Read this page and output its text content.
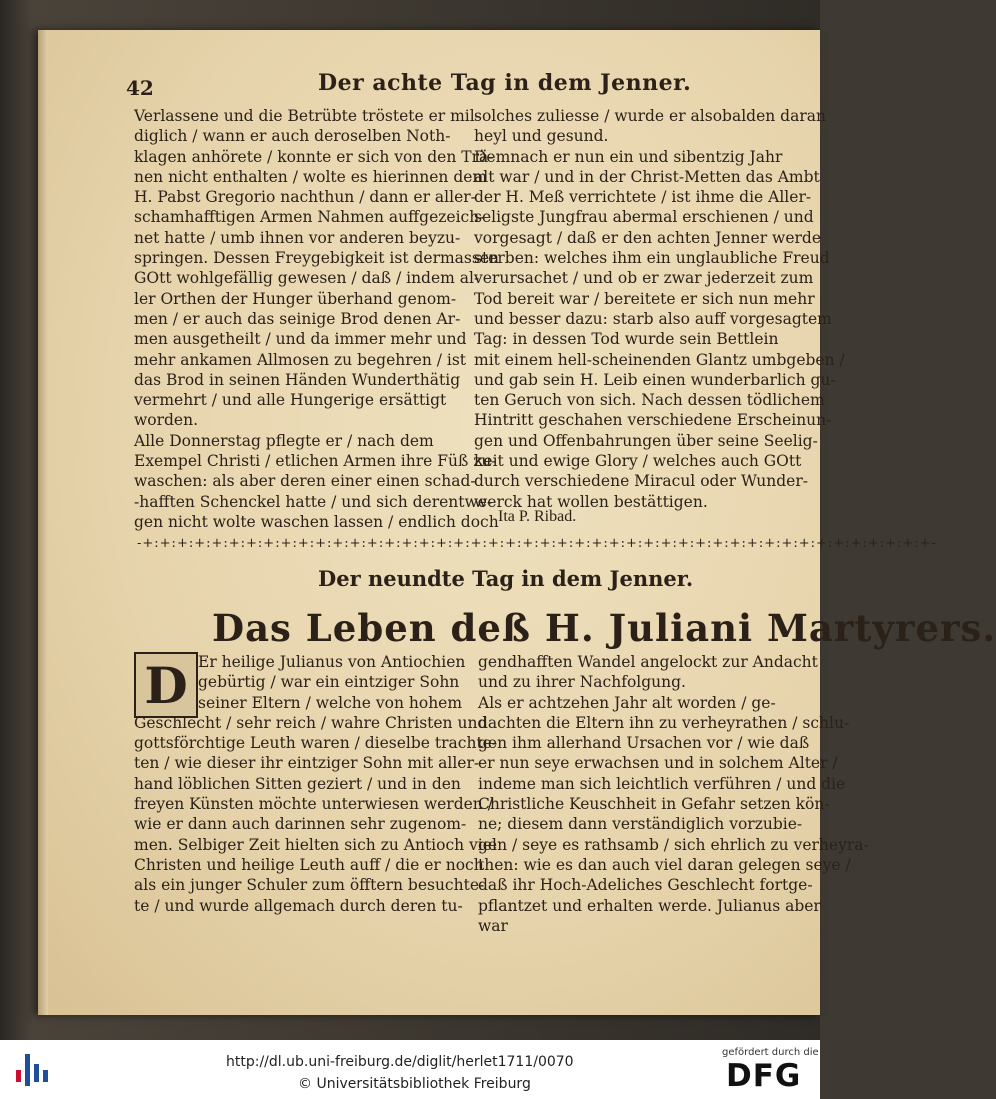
42	Der achte Tag in dem Jenner.

Verlassene und die Betrübte tröstete er mil-

diglich / wann er auch deroselben Noth-

klagen anhörete / konnte er sich von den Trä-

nen nicht enthalten / wolte es hierinnen dem

H. Pabst Gregorio nachthun / dann er aller-

schamhafftigen Armen Nahmen auffgezeich-

net hatte / umb ihnen vor anderen beyzu-

springen. Dessen Freygebigkeit ist dermassen

GOtt wohlgefällig gewesen / daß / indem al-

ler Orthen der Hunger überhand genom-

men / er auch das seinige Brod denen Ar-

men ausgetheilt / und da immer mehr und

mehr ankamen Allmosen zu begehren / ist

das Brod in seinen Händen Wunderthätig

vermehrt / und alle Hungerige ersättigt

worden.

Alle Donnerstag pflegte er / nach dem

Exempel Christi / etlichen Armen ihre Füß zu-

waschen: als aber deren einer einen schad-

-hafften Schenckel hatte / und sich derentwe-

gen nicht wolte waschen lassen / endlich doch

solches zuliesse / wurde er alsobalden daran

heyl und gesund.

Demnach er nun ein und sibentzig Jahr

alt war / und in der Christ-Metten das Ambt

der H. Meß verrichtete / ist ihme die Aller-

seligste Jungfrau abermal erschienen / und

vorgesagt / daß er den achten Jenner werde

sterben: welches ihm ein unglaubliche Freud

verursachet / und ob er zwar jederzeit zum

Tod bereit war / bereitete er sich nun mehr

und besser dazu: starb also auff vorgesagtem

Tag: in dessen Tod wurde sein Bettlein

mit einem hell-scheinenden Glantz umbgeben /

und gab sein H. Leib einen wunderbarlich gu-

ten Geruch von sich. Nach dessen tödlichem

Hintritt geschahen verschiedene Erscheinun-

gen und Offenbahrungen über seine Seelig-

keit und ewige Glory / welches auch GOtt

durch verschiedene Miracul oder Wunder-

werck hat wollen bestättigen.

Ita P. Ribad.
-+:+:+:+:+:+:+:+:+:+:+:+:+:+:+:+:+:+:+:+:+:+:+:+:+:+:+:+:+:+:+:+:+:+:+:+:+:+:+:+:+:+:+:+:+:+-
Der neundte Tag in dem Jenner.
Das Leben deß H. Juliani Martyrers.
D Er heilige Julianus von Antiochien

gebürtig / war ein eintziger Sohn

seiner Eltern / welche von hohem

Geschlecht / sehr reich / wahre Christen und

gottsförchtige Leuth waren / dieselbe trachte-

ten / wie dieser ihr eintziger Sohn mit aller-

hand löblichen Sitten geziert / und in den

freyen Künsten möchte unterwiesen werden /

wie er dann auch darinnen sehr zugenom-

men. Selbiger Zeit hielten sich zu Antioch viel

Christen und heilige Leuth auff / die er noch

als ein junger Schuler zum öfftern besuchte-

te / und wurde allgemach durch deren tu-

gendhafften Wandel angelockt zur Andacht

und zu ihrer Nachfolgung.

Als er achtzehen Jahr alt worden / ge-

dachten die Eltern ihn zu verheyrathen / schlu-

gen ihm allerhand Ursachen vor / wie daß

er nun seye erwachsen und in solchem Alter /

indeme man sich leichtlich verführen / und die

Christliche Keuschheit in Gefahr setzen kön-

ne; diesem dann verständiglich vorzubie-

gen / seye es rathsamb / sich ehrlich zu verheyra-

then: wie es dan auch viel daran gelegen seye /

daß ihr Hoch-Adeliches Geschlecht fortge-

pflantzet und erhalten werde. Julianus aber

war

http://dl.ub.uni-freiburg.de/diglit/herlet1711/0070
© Universitätsbibliothek Freiburg
gefördert durch die
DFG
